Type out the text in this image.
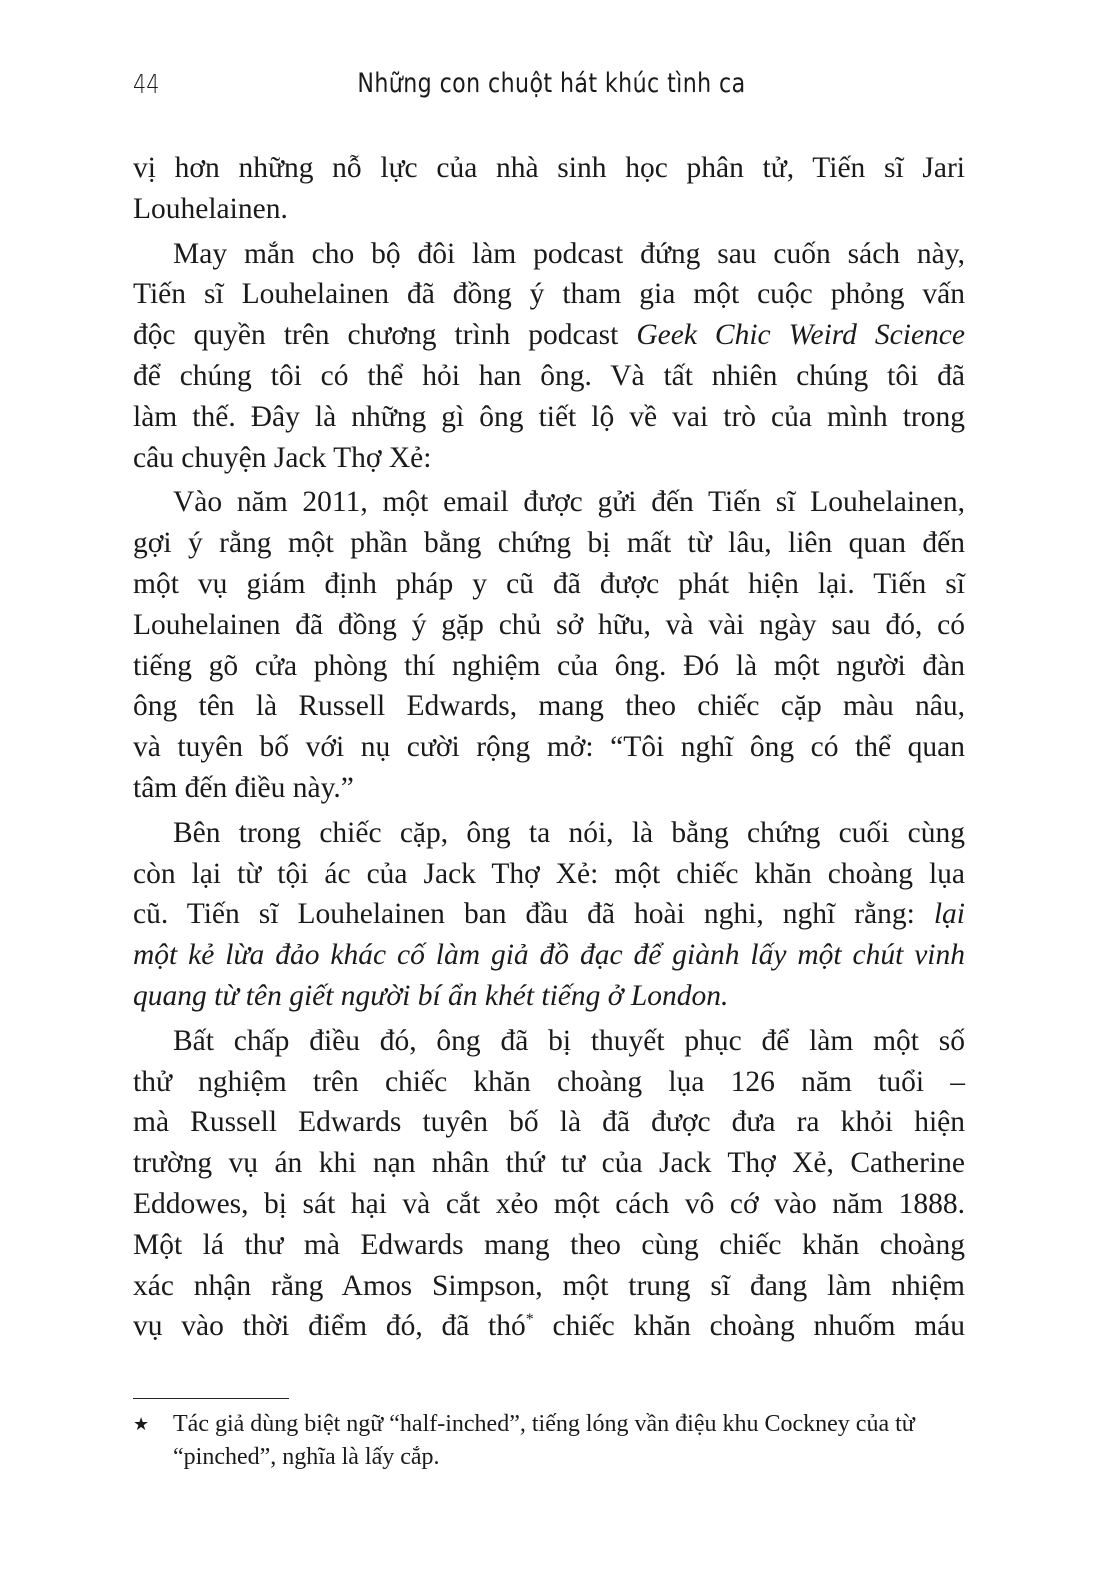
44	Những con chuột hát khúc tình ca
vị hơn những nỗ lực của nhà sinh học phân tử, Tiến sĩ Jari
Louhelainen.
May mắn cho bộ đôi làm podcast đứng sau cuốn sách này,
Tiến sĩ Louhelainen đã đồng ý tham gia một cuộc phỏng vấn
độc quyền trên chương trình podcast Geek Chic Weird Science
để chúng tôi có thể hỏi han ông. Và tất nhiên chúng tôi đã
làm thế. Đây là những gì ông tiết lộ về vai trò của mình trong
câu chuyện Jack Thợ Xẻ:
Vào năm 2011, một email được gửi đến Tiến sĩ Louhelainen,
gợi ý rằng một phần bằng chứng bị mất từ lâu, liên quan đến
một vụ giám định pháp y cũ đã được phát hiện lại. Tiến sĩ
Louhelainen đã đồng ý gặp chủ sở hữu, và vài ngày sau đó, có
tiếng gõ cửa phòng thí nghiệm của ông. Đó là một người đàn
ông tên là Russell Edwards, mang theo chiếc cặp màu nâu,
và tuyên bố với nụ cười rộng mở: “Tôi nghĩ ông có thể quan
tâm đến điều này.”
Bên trong chiếc cặp, ông ta nói, là bằng chứng cuối cùng
còn lại từ tội ác của Jack Thợ Xẻ: một chiếc khăn choàng lụa
cũ. Tiến sĩ Louhelainen ban đầu đã hoài nghi, nghĩ rằng: lại
một kẻ lừa đảo khác cố làm giả đồ đạc để giành lấy một chút vinh
quang từ tên giết người bí ẩn khét tiếng ở London.
Bất chấp điều đó, ông đã bị thuyết phục để làm một số
thử nghiệm trên chiếc khăn choàng lụa 126 năm tuổi –
mà Russell Edwards tuyên bố là đã được đưa ra khỏi hiện
trường vụ án khi nạn nhân thứ tư của Jack Thợ Xẻ, Catherine
Eddowes, bị sát hại và cắt xẻo một cách vô cớ vào năm 1888.
Một lá thư mà Edwards mang theo cùng chiếc khăn choàng
xác nhận rằng Amos Simpson, một trung sĩ đang làm nhiệm
vụ vào thời điểm đó, đã thó* chiếc khăn choàng nhuốm máu
★ Tác giả dùng biệt ngữ “half-inched”, tiếng lóng vần điệu khu Cockney của từ “pinched”, nghĩa là lấy cắp.
